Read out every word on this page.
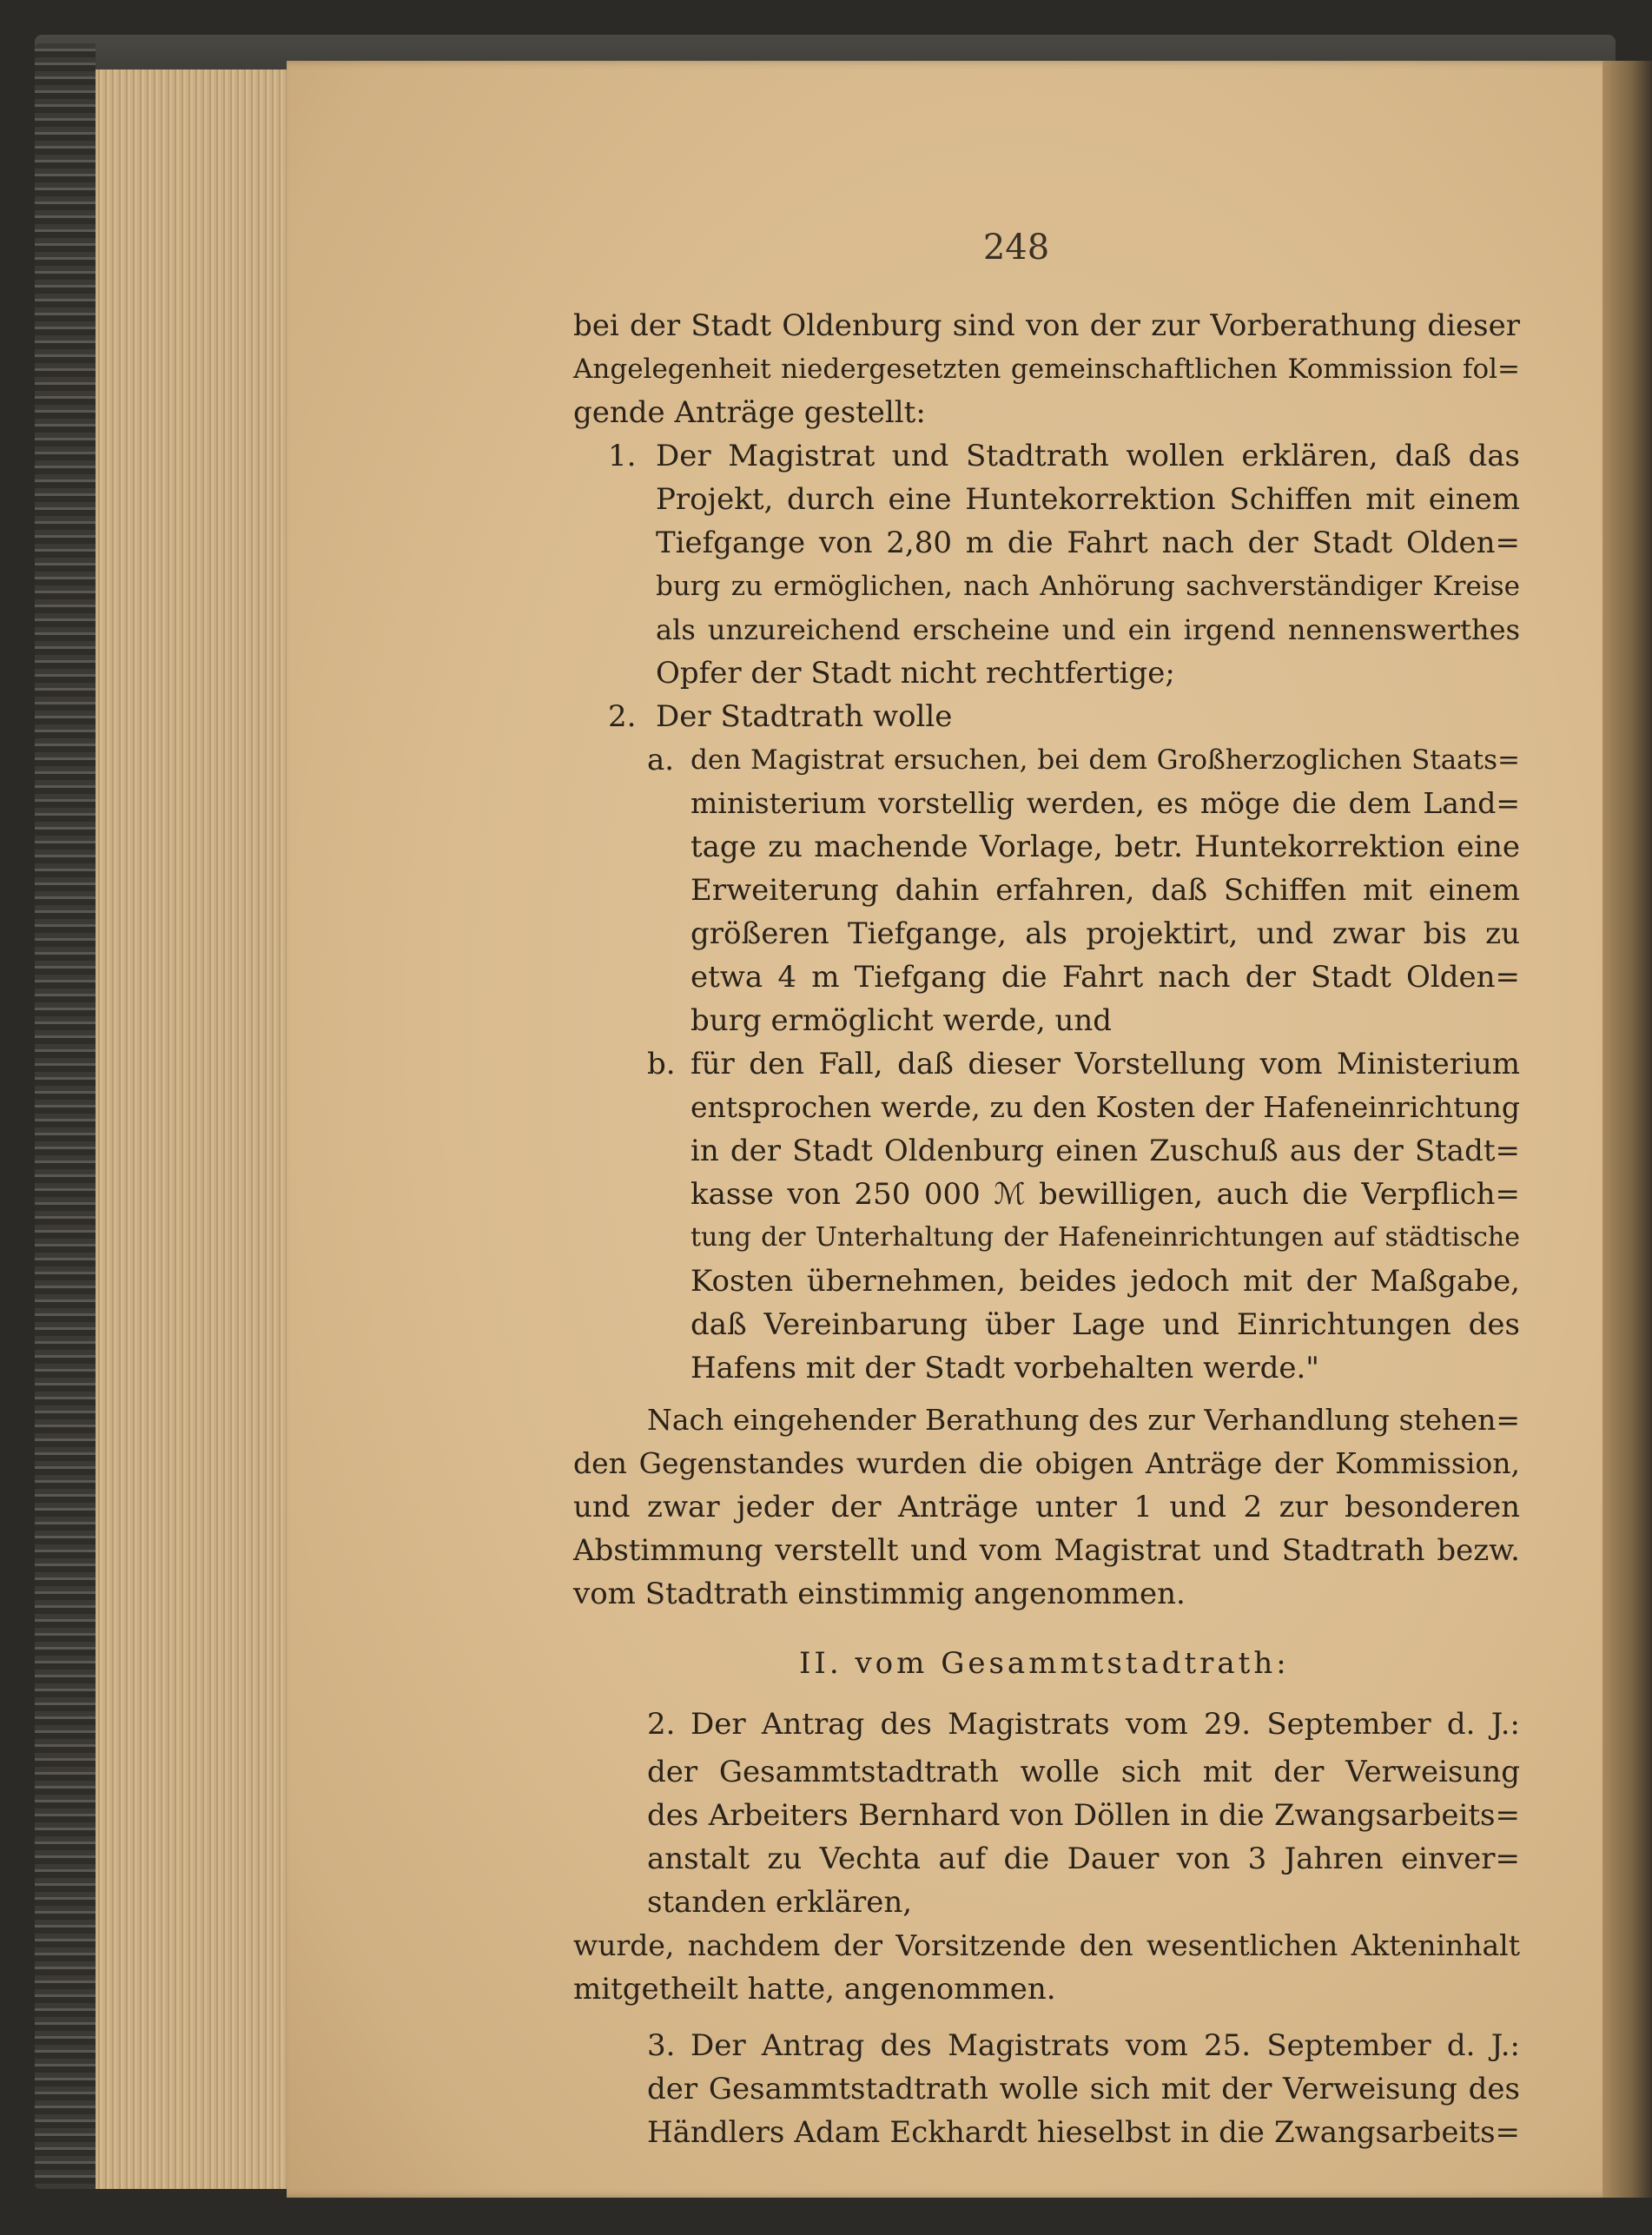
248
bei der Stadt Oldenburg sind von der zur Vorberathung dieser
Angelegenheit niedergesetzten gemeinschaftlichen Kommission fol=
gende Anträge gestellt:
1. Der Magistrat und Stadtrath wollen erklären, daß das
Projekt, durch eine Huntekorrektion Schiffen mit einem
Tiefgange von 2,80 m die Fahrt nach der Stadt Olden=
burg zu ermöglichen, nach Anhörung sachverständiger Kreise
als unzureichend erscheine und ein irgend nennenswerthes
Opfer der Stadt nicht rechtfertige;
2. Der Stadtrath wolle
a. den Magistrat ersuchen, bei dem Großherzoglichen Staats=
ministerium vorstellig werden, es möge die dem Land=
tage zu machende Vorlage, betr. Huntekorrektion eine
Erweiterung dahin erfahren, daß Schiffen mit einem
größeren Tiefgange, als projektirt, und zwar bis zu
etwa 4 m Tiefgang die Fahrt nach der Stadt Olden=
burg ermöglicht werde, und
b. für den Fall, daß dieser Vorstellung vom Ministerium
entsprochen werde, zu den Kosten der Hafeneinrichtung
in der Stadt Oldenburg einen Zuschuß aus der Stadt=
kasse von 250 000 ℳ bewilligen, auch die Verpflich=
tung der Unterhaltung der Hafeneinrichtungen auf städtische
Kosten übernehmen, beides jedoch mit der Maßgabe,
daß Vereinbarung über Lage und Einrichtungen des
Hafens mit der Stadt vorbehalten werde."
Nach eingehender Berathung des zur Verhandlung stehen=
den Gegenstandes wurden die obigen Anträge der Kommission,
und zwar jeder der Anträge unter 1 und 2 zur besonderen
Abstimmung verstellt und vom Magistrat und Stadtrath bezw.
vom Stadtrath einstimmig angenommen.
II. vom Gesammtstadtrath:
2. Der Antrag des Magistrats vom 29. September d. J.:
der Gesammtstadtrath wolle sich mit der Verweisung
des Arbeiters Bernhard von Döllen in die Zwangsarbeits=
anstalt zu Vechta auf die Dauer von 3 Jahren einver=
standen erklären,
wurde, nachdem der Vorsitzende den wesentlichen Akteninhalt
mitgetheilt hatte, angenommen.
3. Der Antrag des Magistrats vom 25. September d. J.:
der Gesammtstadtrath wolle sich mit der Verweisung des
Händlers Adam Eckhardt hieselbst in die Zwangsarbeits=
